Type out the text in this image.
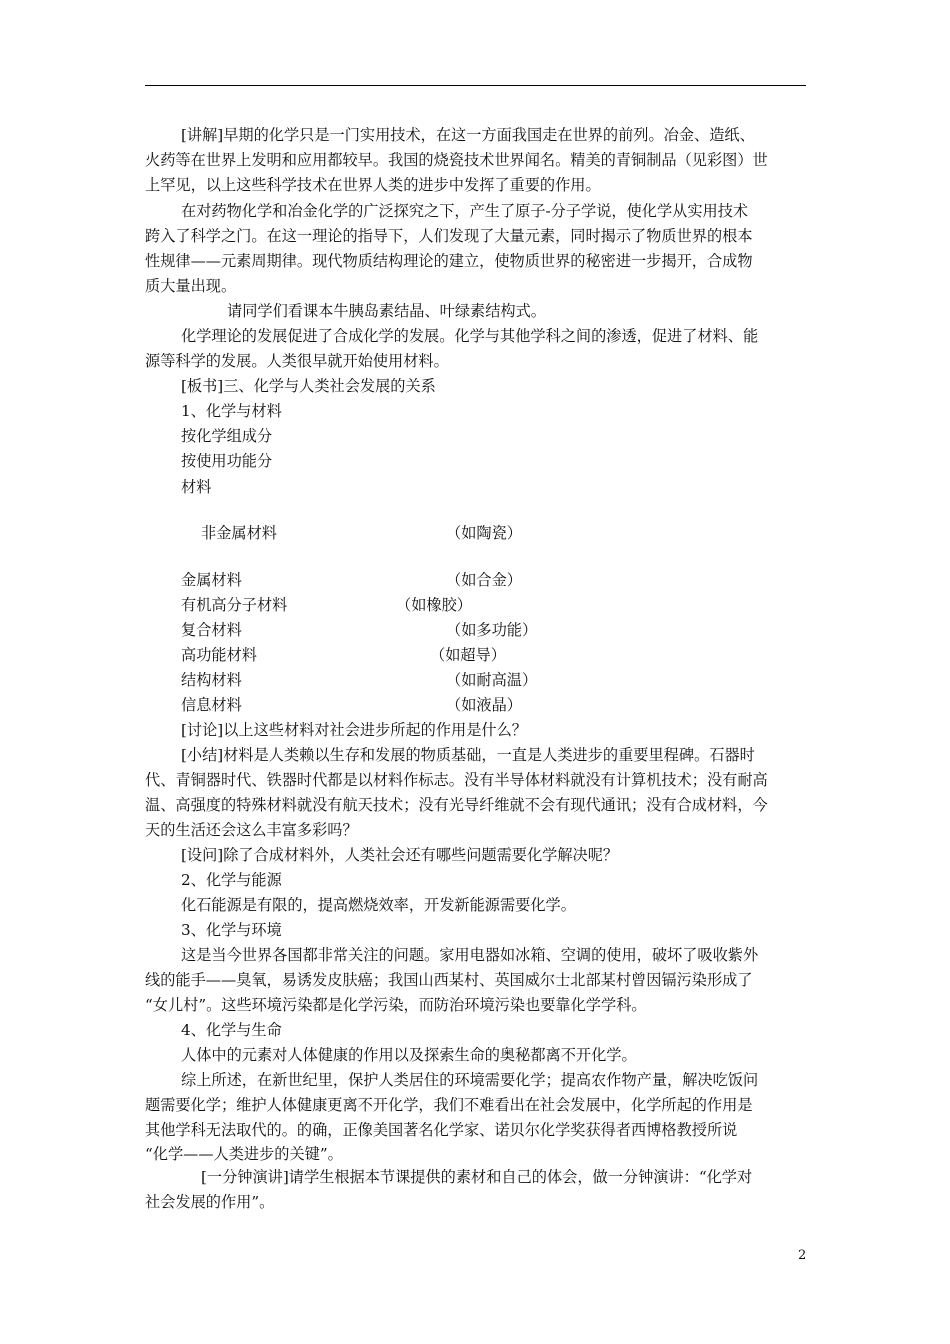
[讲解]早期的化学只是一门实用技术，在这一方面我国走在世界的前列。冶金、造纸、
火药等在世界上发明和应用都较早。我国的烧瓷技术世界闻名。精美的青铜制品（见彩图）世
上罕见，以上这些科学技术在世界人类的进步中发挥了重要的作用。
在对药物化学和冶金化学的广泛探究之下，产生了原子-分子学说，使化学从实用技术
跨入了科学之门。在这一理论的指导下，人们发现了大量元素，同时揭示了物质世界的根本
性规律——元素周期律。现代物质结构理论的建立，使物质世界的秘密进一步揭开，合成物
质大量出现。
请同学们看课本牛胰岛素结晶、叶绿素结构式。
化学理论的发展促进了合成化学的发展。化学与其他学科之间的渗透，促进了材料、能
源等科学的发展。人类很早就开始使用材料。
[板书]三、化学与人类社会发展的关系
1、化学与材料
按化学组成分
按使用功能分
材料
非金属材料	（如陶瓷）
金属材料	（如合金）
有机高分子材料	（如橡胶）
复合材料	（如多功能）
高功能材料	（如超导）
结构材料	（如耐高温）
信息材料	（如液晶）
[讨论]以上这些材料对社会进步所起的作用是什么？
[小结]材料是人类赖以生存和发展的物质基础，一直是人类进步的重要里程碑。石器时
代、青铜器时代、铁器时代都是以材料作标志。没有半导体材料就没有计算机技术；没有耐高
温、高强度的特殊材料就没有航天技术；没有光导纤维就不会有现代通讯；没有合成材料，今
天的生活还会这么丰富多彩吗？
[设问]除了合成材料外，人类社会还有哪些问题需要化学解决呢？
2、化学与能源
化石能源是有限的，提高燃烧效率，开发新能源需要化学。
3、化学与环境
这是当今世界各国都非常关注的问题。家用电器如冰箱、空调的使用，破坏了吸收紫外
线的能手——臭氧，易诱发皮肤癌；我国山西某村、英国威尔士北部某村曾因镉污染形成了
“女儿村”。这些环境污染都是化学污染，而防治环境污染也要靠化学学科。
4、化学与生命
人体中的元素对人体健康的作用以及探索生命的奥秘都离不开化学。
综上所述，在新世纪里，保护人类居住的环境需要化学；提高农作物产量，解决吃饭问
题需要化学；维护人体健康更离不开化学，我们不难看出在社会发展中，化学所起的作用是
其他学科无法取代的。的确，正像美国著名化学家、诺贝尔化学奖获得者西博格教授所说
“化学——人类进步的关键”。
[一分钟演讲]请学生根据本节课提供的素材和自己的体会，做一分钟演讲：“化学对
社会发展的作用”。
2
